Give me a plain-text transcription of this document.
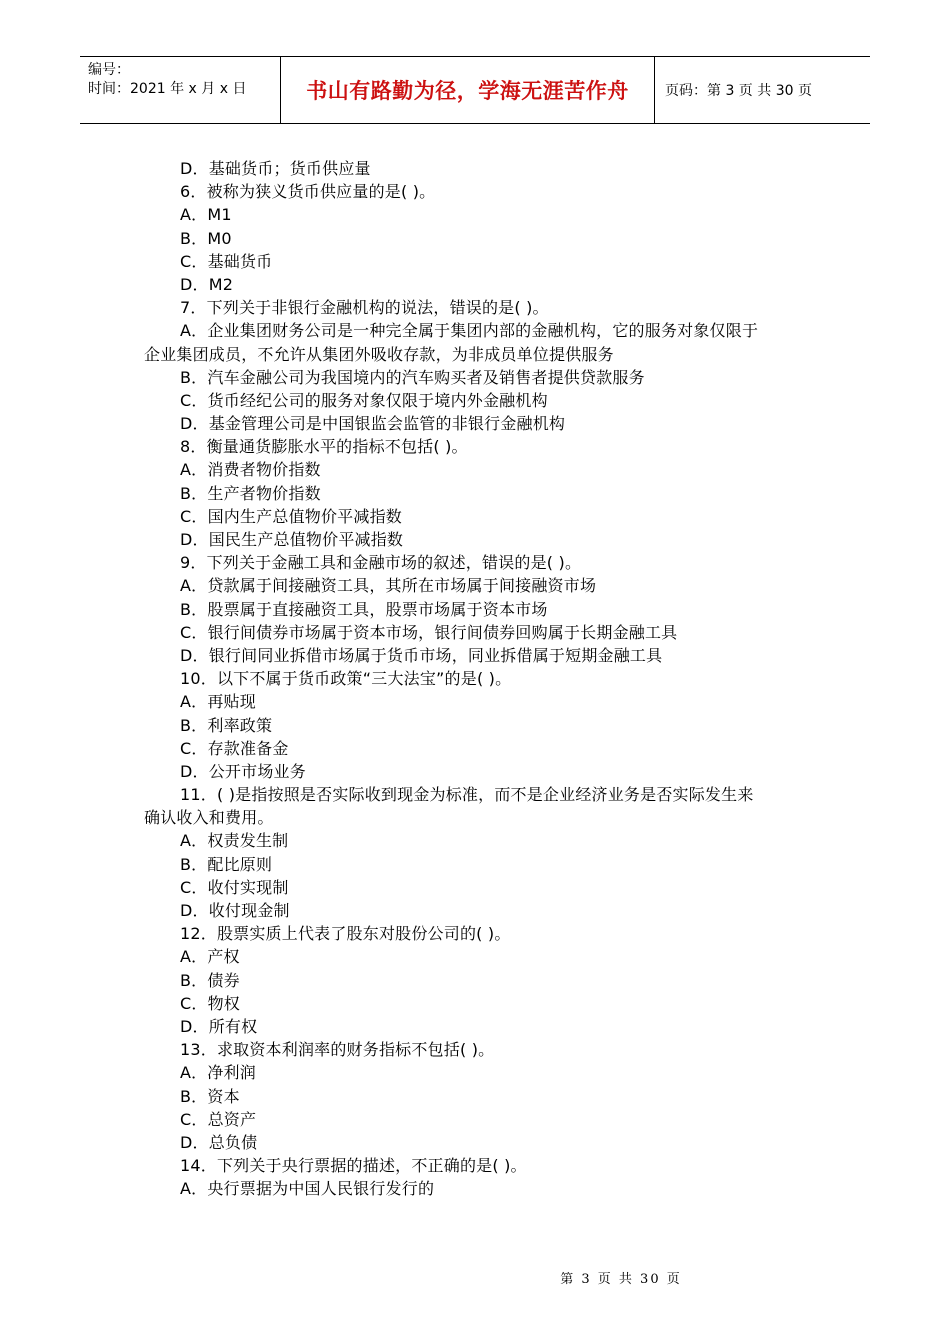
编号：
时间：2021 年 x 月 x 日	书山有路勤为径，学海无涯苦作舟	页码：第 3 页 共 30 页
D．基础货币；货币供应量
6．被称为狭义货币供应量的是( )。
A．M1
B．M0
C．基础货币
D．M2
7．下列关于非银行金融机构的说法，错误的是( )。
A．企业集团财务公司是一种完全属于集团内部的金融机构，它的服务对象仅限于
企业集团成员，不允许从集团外吸收存款，为非成员单位提供服务
B．汽车金融公司为我国境内的汽车购买者及销售者提供贷款服务
C．货币经纪公司的服务对象仅限于境内外金融机构
D．基金管理公司是中国银监会监管的非银行金融机构
8．衡量通货膨胀水平的指标不包括( )。
A．消费者物价指数
B．生产者物价指数
C．国内生产总值物价平减指数
D．国民生产总值物价平减指数
9．下列关于金融工具和金融市场的叙述，错误的是( )。
A．贷款属于间接融资工具，其所在市场属于间接融资市场
B．股票属于直接融资工具，股票市场属于资本市场
C．银行间债券市场属于资本市场，银行间债券回购属于长期金融工具
D．银行间同业拆借市场属于货币市场，同业拆借属于短期金融工具
10．以下不属于货币政策“三大法宝”的是( )。
A．再贴现
B．利率政策
C．存款准备金
D．公开市场业务
11．( )是指按照是否实际收到现金为标准，而不是企业经济业务是否实际发生来
确认收入和费用。
A．权责发生制
B．配比原则
C．收付实现制
D．收付现金制
12．股票实质上代表了股东对股份公司的( )。
A．产权
B．债券
C．物权
D．所有权
13．求取资本利润率的财务指标不包括( )。
A．净利润
B．资本
C．总资产
D．总负债
14．下列关于央行票据的描述，不正确的是( )。
A．央行票据为中国人民银行发行的
第 3 页 共 30 页
